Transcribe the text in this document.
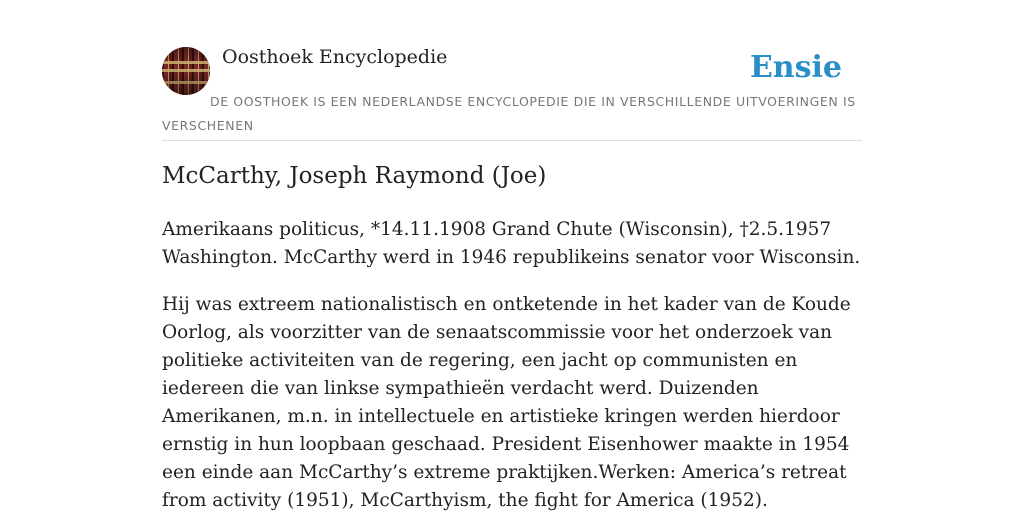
Oosthoek Encyclopedie	Ensie
DE OOSTHOEK IS EEN NEDERLANDSE ENCYCLOPEDIE DIE IN VERSCHILLENDE UITVOERINGEN IS VERSCHENEN
McCarthy, Joseph Raymond (Joe)

Amerikaans politicus, *14.11.1908 Grand Chute (Wisconsin), †2.5.1957 Washington. McCarthy werd in 1946 republikeins senator voor Wisconsin.

Hij was extreem nationalistisch en ontketende in het kader van de Koude Oorlog, als voorzitter van de senaatscommissie voor het onderzoek van politieke activiteiten van de regering, een jacht op communisten en iedereen die van linkse sympathieën verdacht werd. Duizenden Amerikanen, m.n. in intellectuele en artistieke kringen werden hierdoor ernstig in hun loopbaan geschaad. President Eisenhower maakte in 1954 een einde aan McCarthy’s extreme praktijken.Werken: America’s retreat from activity (1951), McCarthyism, the fight for America (1952).
